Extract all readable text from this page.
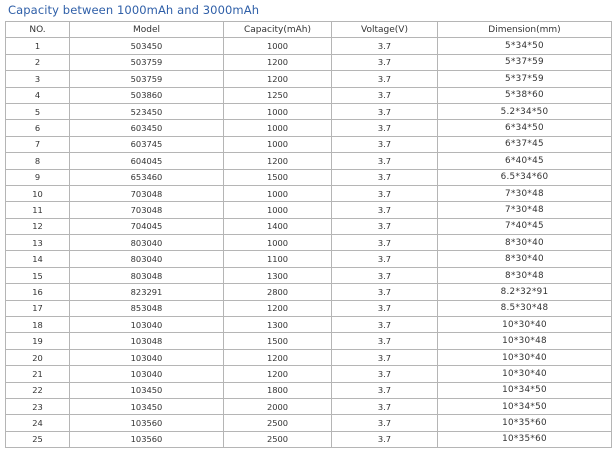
Capacity between 1000mAh and 3000mAh
NO.	Model	Capacity(mAh)	Voltage(V)	Dimension(mm)
1	503450	1000	3.7	5*34*50
2	503759	1200	3.7	5*37*59
3	503759	1200	3.7	5*37*59
4	503860	1250	3.7	5*38*60
5	523450	1000	3.7	5.2*34*50
6	603450	1000	3.7	6*34*50
7	603745	1000	3.7	6*37*45
8	604045	1200	3.7	6*40*45
9	653460	1500	3.7	6.5*34*60
10	703048	1000	3.7	7*30*48
11	703048	1000	3.7	7*30*48
12	704045	1400	3.7	7*40*45
13	803040	1000	3.7	8*30*40
14	803040	1100	3.7	8*30*40
15	803048	1300	3.7	8*30*48
16	823291	2800	3.7	8.2*32*91
17	853048	1200	3.7	8.5*30*48
18	103040	1300	3.7	10*30*40
19	103048	1500	3.7	10*30*48
20	103040	1200	3.7	10*30*40
21	103040	1200	3.7	10*30*40
22	103450	1800	3.7	10*34*50
23	103450	2000	3.7	10*34*50
24	103560	2500	3.7	10*35*60
25	103560	2500	3.7	10*35*60
